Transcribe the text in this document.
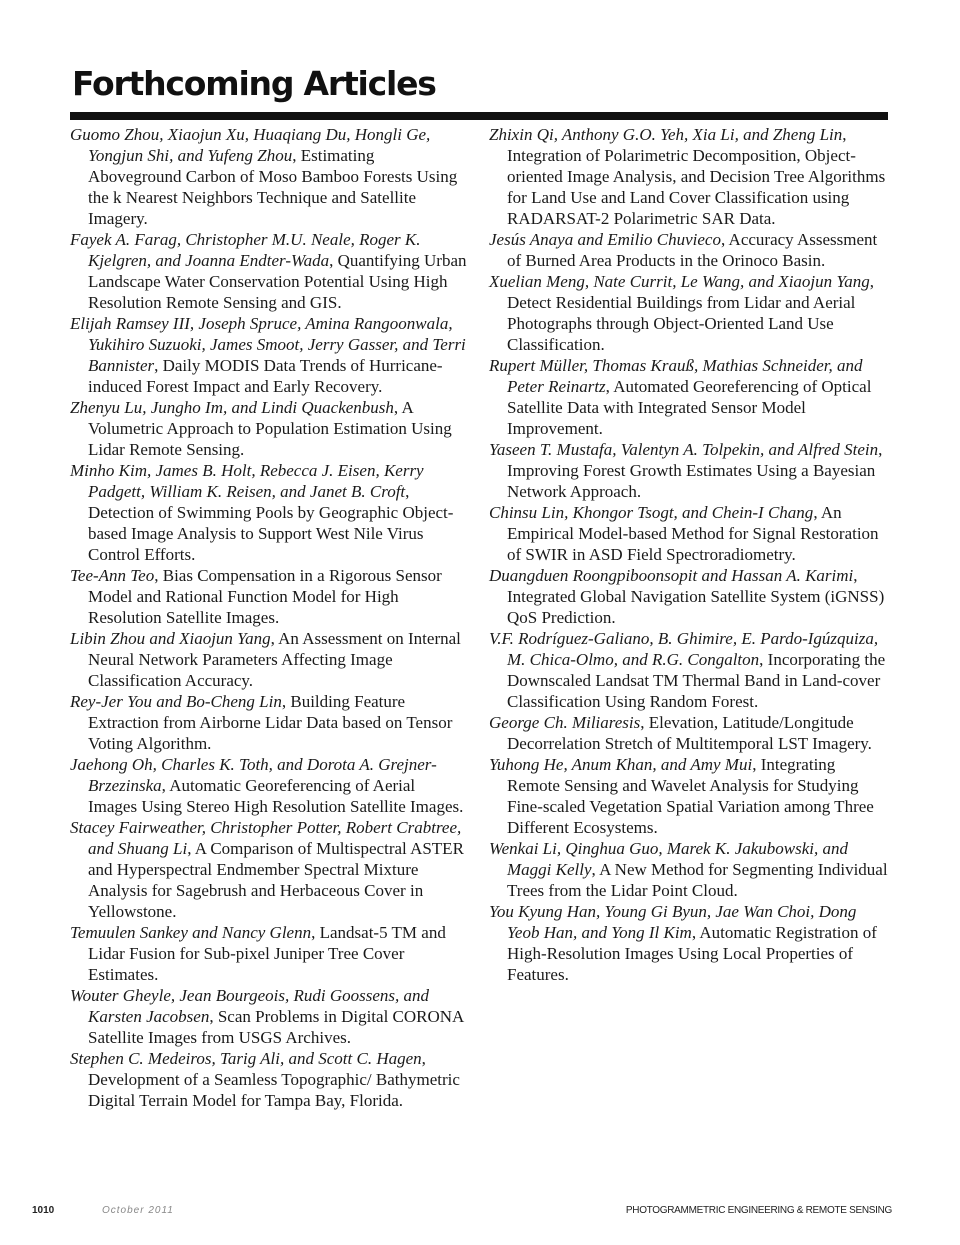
Forthcoming Articles

Guomo Zhou, Xiaojun Xu, Huaqiang Du, Hongli Ge, Yongjun Shi, and Yufeng Zhou, Estimating Aboveground Carbon of Moso Bamboo Forests Using the k Nearest Neighbors Technique and Satellite Imagery.

Fayek A. Farag, Christopher M.U. Neale, Roger K. Kjelgren, and Joanna Endter-Wada, Quantifying Urban Landscape Water Conservation Potential Using High Resolution Remote Sensing and GIS.

Elijah Ramsey III, Joseph Spruce, Amina Rangoonwala, Yukihiro Suzuoki, James Smoot, Jerry Gasser, and Terri Bannister, Daily MODIS Data Trends of Hurricane-induced Forest Impact and Early Recovery.

Zhenyu Lu, Jungho Im, and Lindi Quackenbush, A Volumetric Approach to Population Estimation Using Lidar Remote Sensing.

Minho Kim, James B. Holt, Rebecca J. Eisen, Kerry Padgett, William K. Reisen, and Janet B. Croft, Detection of Swimming Pools by Geographic Object-based Image Analysis to Support West Nile Virus Control Efforts.

Tee-Ann Teo, Bias Compensation in a Rigorous Sensor Model and Rational Function Model for High Resolution Satellite Images.

Libin Zhou and Xiaojun Yang, An Assessment on Internal Neural Network Parameters Affecting Image Classification Accuracy.

Rey-Jer You and Bo-Cheng Lin, Building Feature Extraction from Airborne Lidar Data based on Tensor Voting Algorithm.

Jaehong Oh, Charles K. Toth, and Dorota A. Grejner-Brzezinska, Automatic Georeferencing of Aerial Images Using Stereo High Resolution Satellite Images.

Stacey Fairweather, Christopher Potter, Robert Crabtree, and Shuang Li, A Comparison of Multispectral ASTER and Hyperspectral Endmember Spectral Mixture Analysis for Sagebrush and Herbaceous Cover in Yellowstone.

Temuulen Sankey and Nancy Glenn, Landsat-5 TM and Lidar Fusion for Sub-pixel Juniper Tree Cover Estimates.

Wouter Gheyle, Jean Bourgeois, Rudi Goossens, and Karsten Jacobsen, Scan Problems in Digital CORONA Satellite Images from USGS Archives.

Stephen C. Medeiros, Tarig Ali, and Scott C. Hagen, Development of a Seamless Topographic/ Bathymetric Digital Terrain Model for Tampa Bay, Florida.

Zhixin Qi, Anthony G.O. Yeh, Xia Li, and Zheng Lin, Integration of Polarimetric Decomposition, Object-oriented Image Analysis, and Decision Tree Algorithms for Land Use and Land Cover Classification using RADARSAT-2 Polarimetric SAR Data.

Jesús Anaya and Emilio Chuvieco, Accuracy Assessment of Burned Area Products in the Orinoco Basin.

Xuelian Meng, Nate Currit, Le Wang, and Xiaojun Yang, Detect Residential Buildings from Lidar and Aerial Photographs through Object-Oriented Land Use Classification.

Rupert Müller, Thomas Krauß, Mathias Schneider, and Peter Reinartz, Automated Georeferencing of Optical Satellite Data with Integrated Sensor Model Improvement.

Yaseen T. Mustafa, Valentyn A. Tolpekin, and Alfred Stein, Improving Forest Growth Estimates Using a Bayesian Network Approach.

Chinsu Lin, Khongor Tsogt, and Chein-I Chang, An Empirical Model-based Method for Signal Restoration of SWIR in ASD Field Spectroradiometry.

Duangduen Roongpiboonsopit and Hassan A. Karimi, Integrated Global Navigation Satellite System (iGNSS) QoS Prediction.

V.F. Rodríguez-Galiano, B. Ghimire, E. Pardo-Igúzquiza, M. Chica-Olmo, and R.G. Congalton, Incorporating the Downscaled Landsat TM Thermal Band in Land-cover Classification Using Random Forest.

George Ch. Miliaresis, Elevation, Latitude/Longitude Decorrelation Stretch of Multitemporal LST Imagery.

Yuhong He, Anum Khan, and Amy Mui, Integrating Remote Sensing and Wavelet Analysis for Studying Fine-scaled Vegetation Spatial Variation among Three Different Ecosystems.

Wenkai Li, Qinghua Guo, Marek K. Jakubowski, and Maggi Kelly, A New Method for Segmenting Individual Trees from the Lidar Point Cloud.

You Kyung Han, Young Gi Byun, Jae Wan Choi, Dong Yeob Han, and Yong Il Kim, Automatic Registration of High-Resolution Images Using Local Properties of Features.

1010	October 2011	PHOTOGRAMMETRIC ENGINEERING & REMOTE SENSING
